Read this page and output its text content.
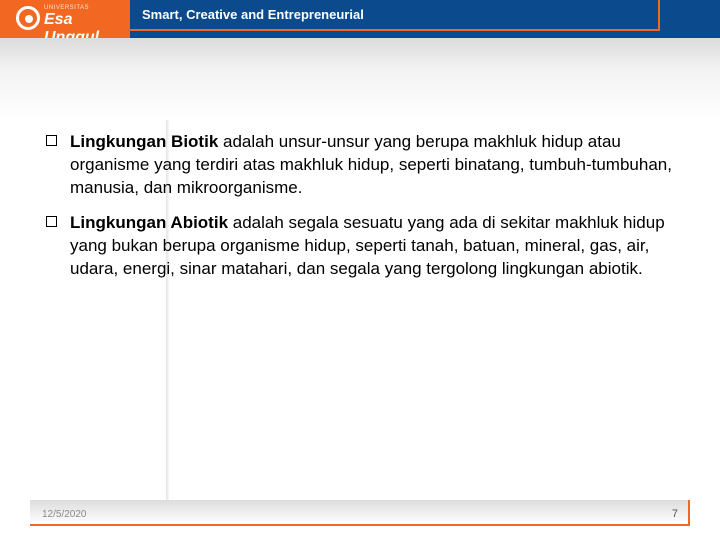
UNIVERSITAS
Esa	Smart, Creative and Entrepreneurial
Lingkungan Biotik adalah unsur-unsur yang berupa makhluk hidup atau organisme yang terdiri atas makhluk hidup, seperti binatang, tumbuh-tumbuhan, manusia, dan mikroorganisme.
Lingkungan Abiotik adalah segala sesuatu yang ada di sekitar makhluk hidup yang bukan berupa organisme hidup, seperti tanah, batuan, mineral, gas, air, udara, energi, sinar matahari, dan segala yang tergolong lingkungan abiotik.
12/5/2020	7
